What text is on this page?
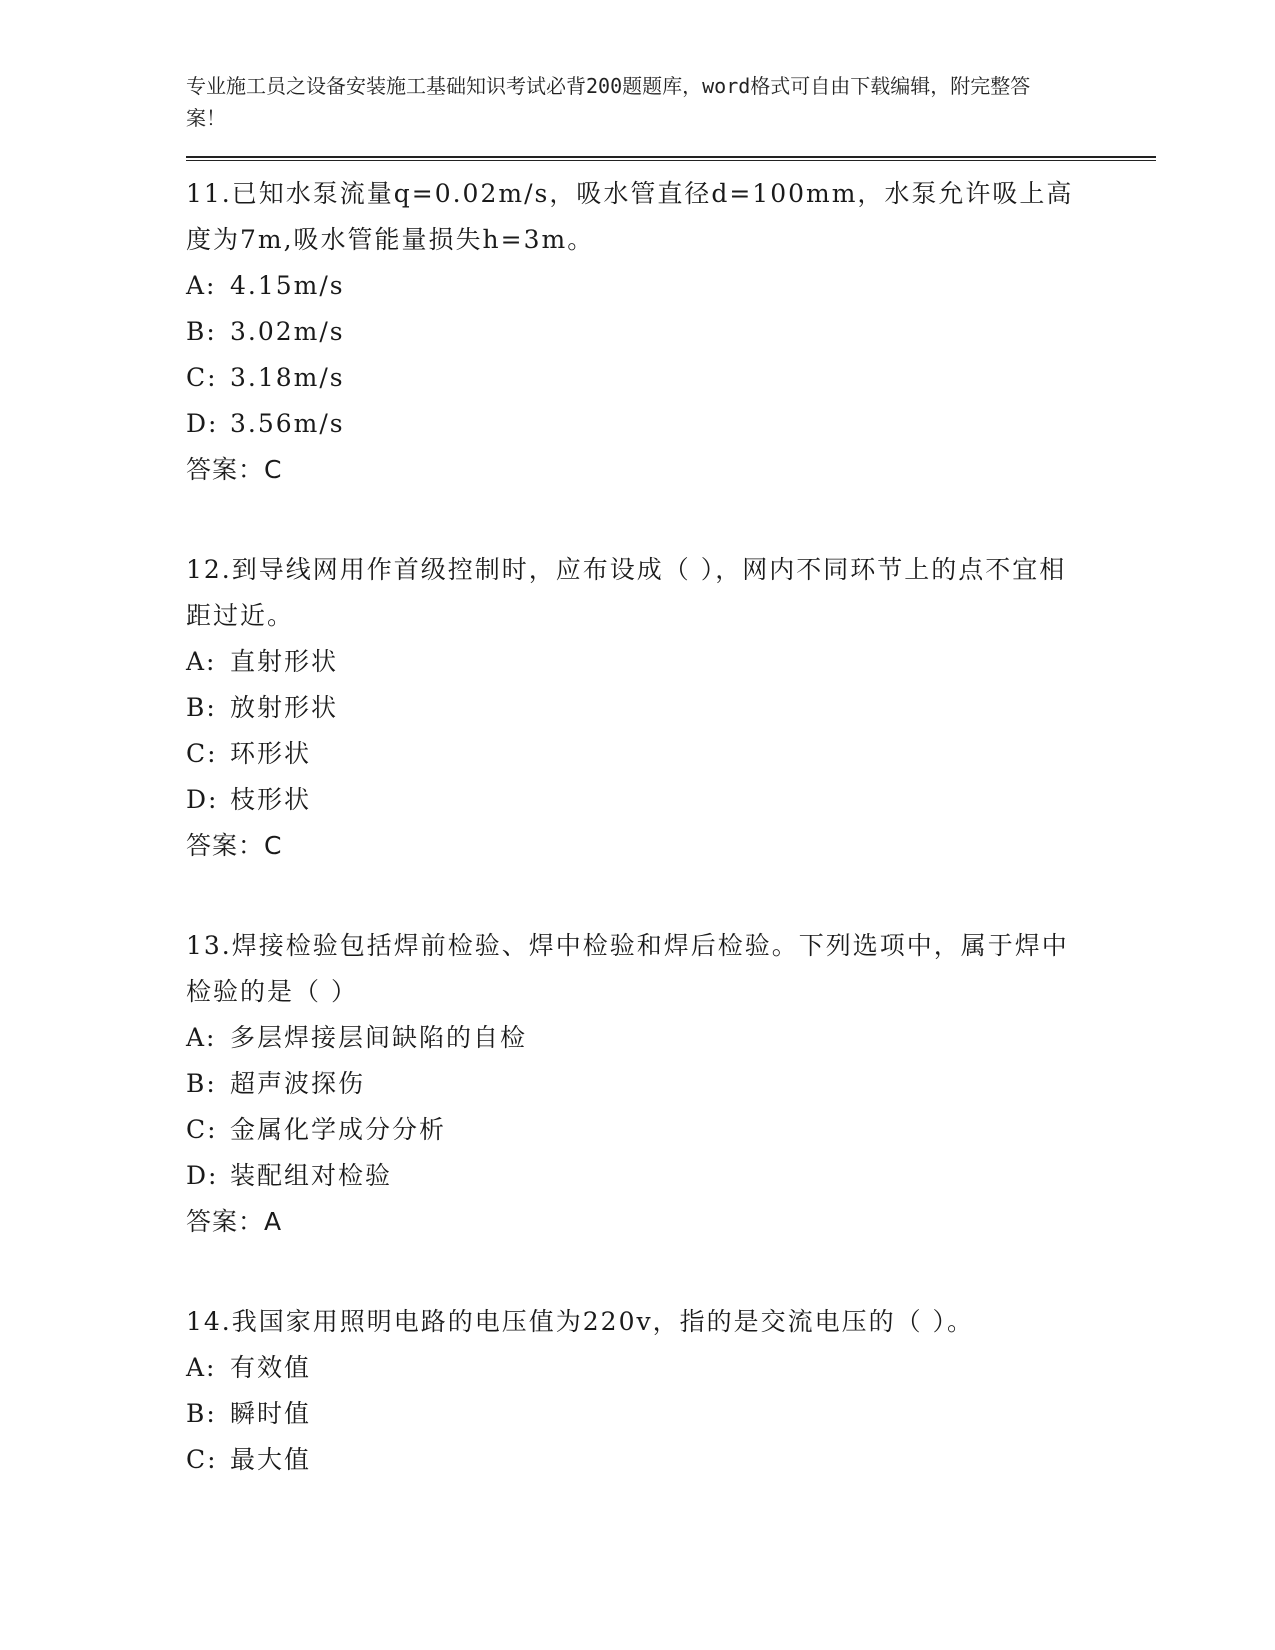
专业施工员之设备安装施工基础知识考试必背200题题库，word格式可自由下载编辑，附完整答案！

11.已知水泵流量q=0.02m/s，吸水管直径d=100mm，水泵允许吸上高度为7m,吸水管能量损失h=3m。

A: 4.15m/s

B: 3.02m/s

C: 3.18m/s

D: 3.56m/s

答案：C

12.到导线网用作首级控制时，应布设成（ ），网内不同环节上的点不宜相距过近。

A: 直射形状

B: 放射形状

C: 环形状

D: 枝形状

答案：C

13.焊接检验包括焊前检验、焊中检验和焊后检验。下列选项中，属于焊中检验的是（ ）

A: 多层焊接层间缺陷的自检

B: 超声波探伤

C: 金属化学成分分析

D: 装配组对检验

答案：A

14.我国家用照明电路的电压值为220v，指的是交流电压的（ ）。

A: 有效值

B: 瞬时值

C: 最大值
